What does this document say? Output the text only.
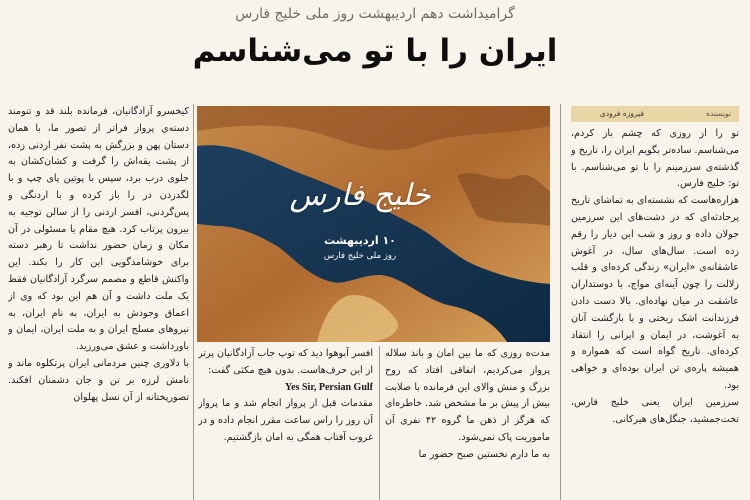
گرامیداشت دهم اردیبهشت روز ملی خلیج فارس
ایران را با تو می‌شناسم
خلیج فارس
۱۰ اردیبهشت
روز ملی خلیج فارس
نویسنده
فیروزه فرودی

تو را از روزی که چشم باز کردم، می‌شناسم. ساده‌تر بگویم ایران را، تاریخ و گذشته‌ی سرزمینم را با تو می‌شناسم. با تو: خلیج فارس.

هزار‌ه‌هاست که نشسته‌ای به تماشای تاریخ پرحادثه‌ای که در دشت‌های این سرزمین جولان داده و روز و شب این دیار را رقم زده است. سال‌های سال، در آغوش عاشقانه‌ی «ایران» زندگی کرده‌ای و قلب زلالت را چون آینه‌ای مواج، با دوستداران عاشقت در میان نهاده‌ای. بالا دست دادن فرزندانت اشک ریختی و با بازگشت آنان به آغوشت، در ایمان و ایرانی را انتقاد کرده‌ای. تاریخ گواه است که همواره و همیشه پاره‌ی تن ایران بوده‌ای و خواهی بود.

سرزمین ایران یعنی خلیج فارس، تخت‌جمشید، جنگل‌های هیرکانی.

کیخسرو آزادگانیان، فرمانده بلند قد و تنومند دسته‌ی پرواز فراتر از تصور ما، با همان دستان پهن و بزرگش به پشت نفر اردنی زده، از پشت یقه‌اش را گرفت و کشان‌کشان به جلوی درب برد، سپس با پوتین پای چپ و با لگدزدن در را باز کرده و با اردنگی و پس‌گردنی، افسر اردنی را از سالن توجیه به بیرون پرتاب کرد. هیچ مقام یا مسئولی در آن مکان و زمان حضور نداشت تا رهبر دسته برای خوشامدگویی این کار را بکند. این واکنش قاطع و مصمم سرگرد آزادگانیان فقط یک ملت داشت و آن هم این بود که وی از اعماق وجودش به ایران، به نام ایران، به نیروهای مسلح ایران و به ملت ایران، ایمان و باورداشت و عشق می‌ورزید.

با دلاوری چنین مردمانی ایران پرتکلوه ماند و نامش لرزه بر تن و جان دشمنان افکند. تصورپختانه از آن نسل پهلوان

مدت‌ه روزی که ما بین امان و باند سلاله پرواز می‌کردیم، اتفاقی افتاد که روح بزرگ و منش والای این فرمانده با صلابت بیش از پیش بر ما مشخص شد. خاطره‌ای که هرگز از ذهن ما گروه ۴۲ نفری آن ماموریت پاک نمی‌شود.

به ما دارم نخستین صبح حضور ما

افسر آبوهوا دید که توپ جاب آزادگانیان پرتر از این حرف‌هاست. بدون هیچ مکثی گفت:

Yes Sir, Persian Gulf

مقدمات قبل از پرواز انجام شد و ما پرواز آن روز را راس ساعت مقرر انجام داده و در غروب آفتاب همگی به امان بازگشتیم.
